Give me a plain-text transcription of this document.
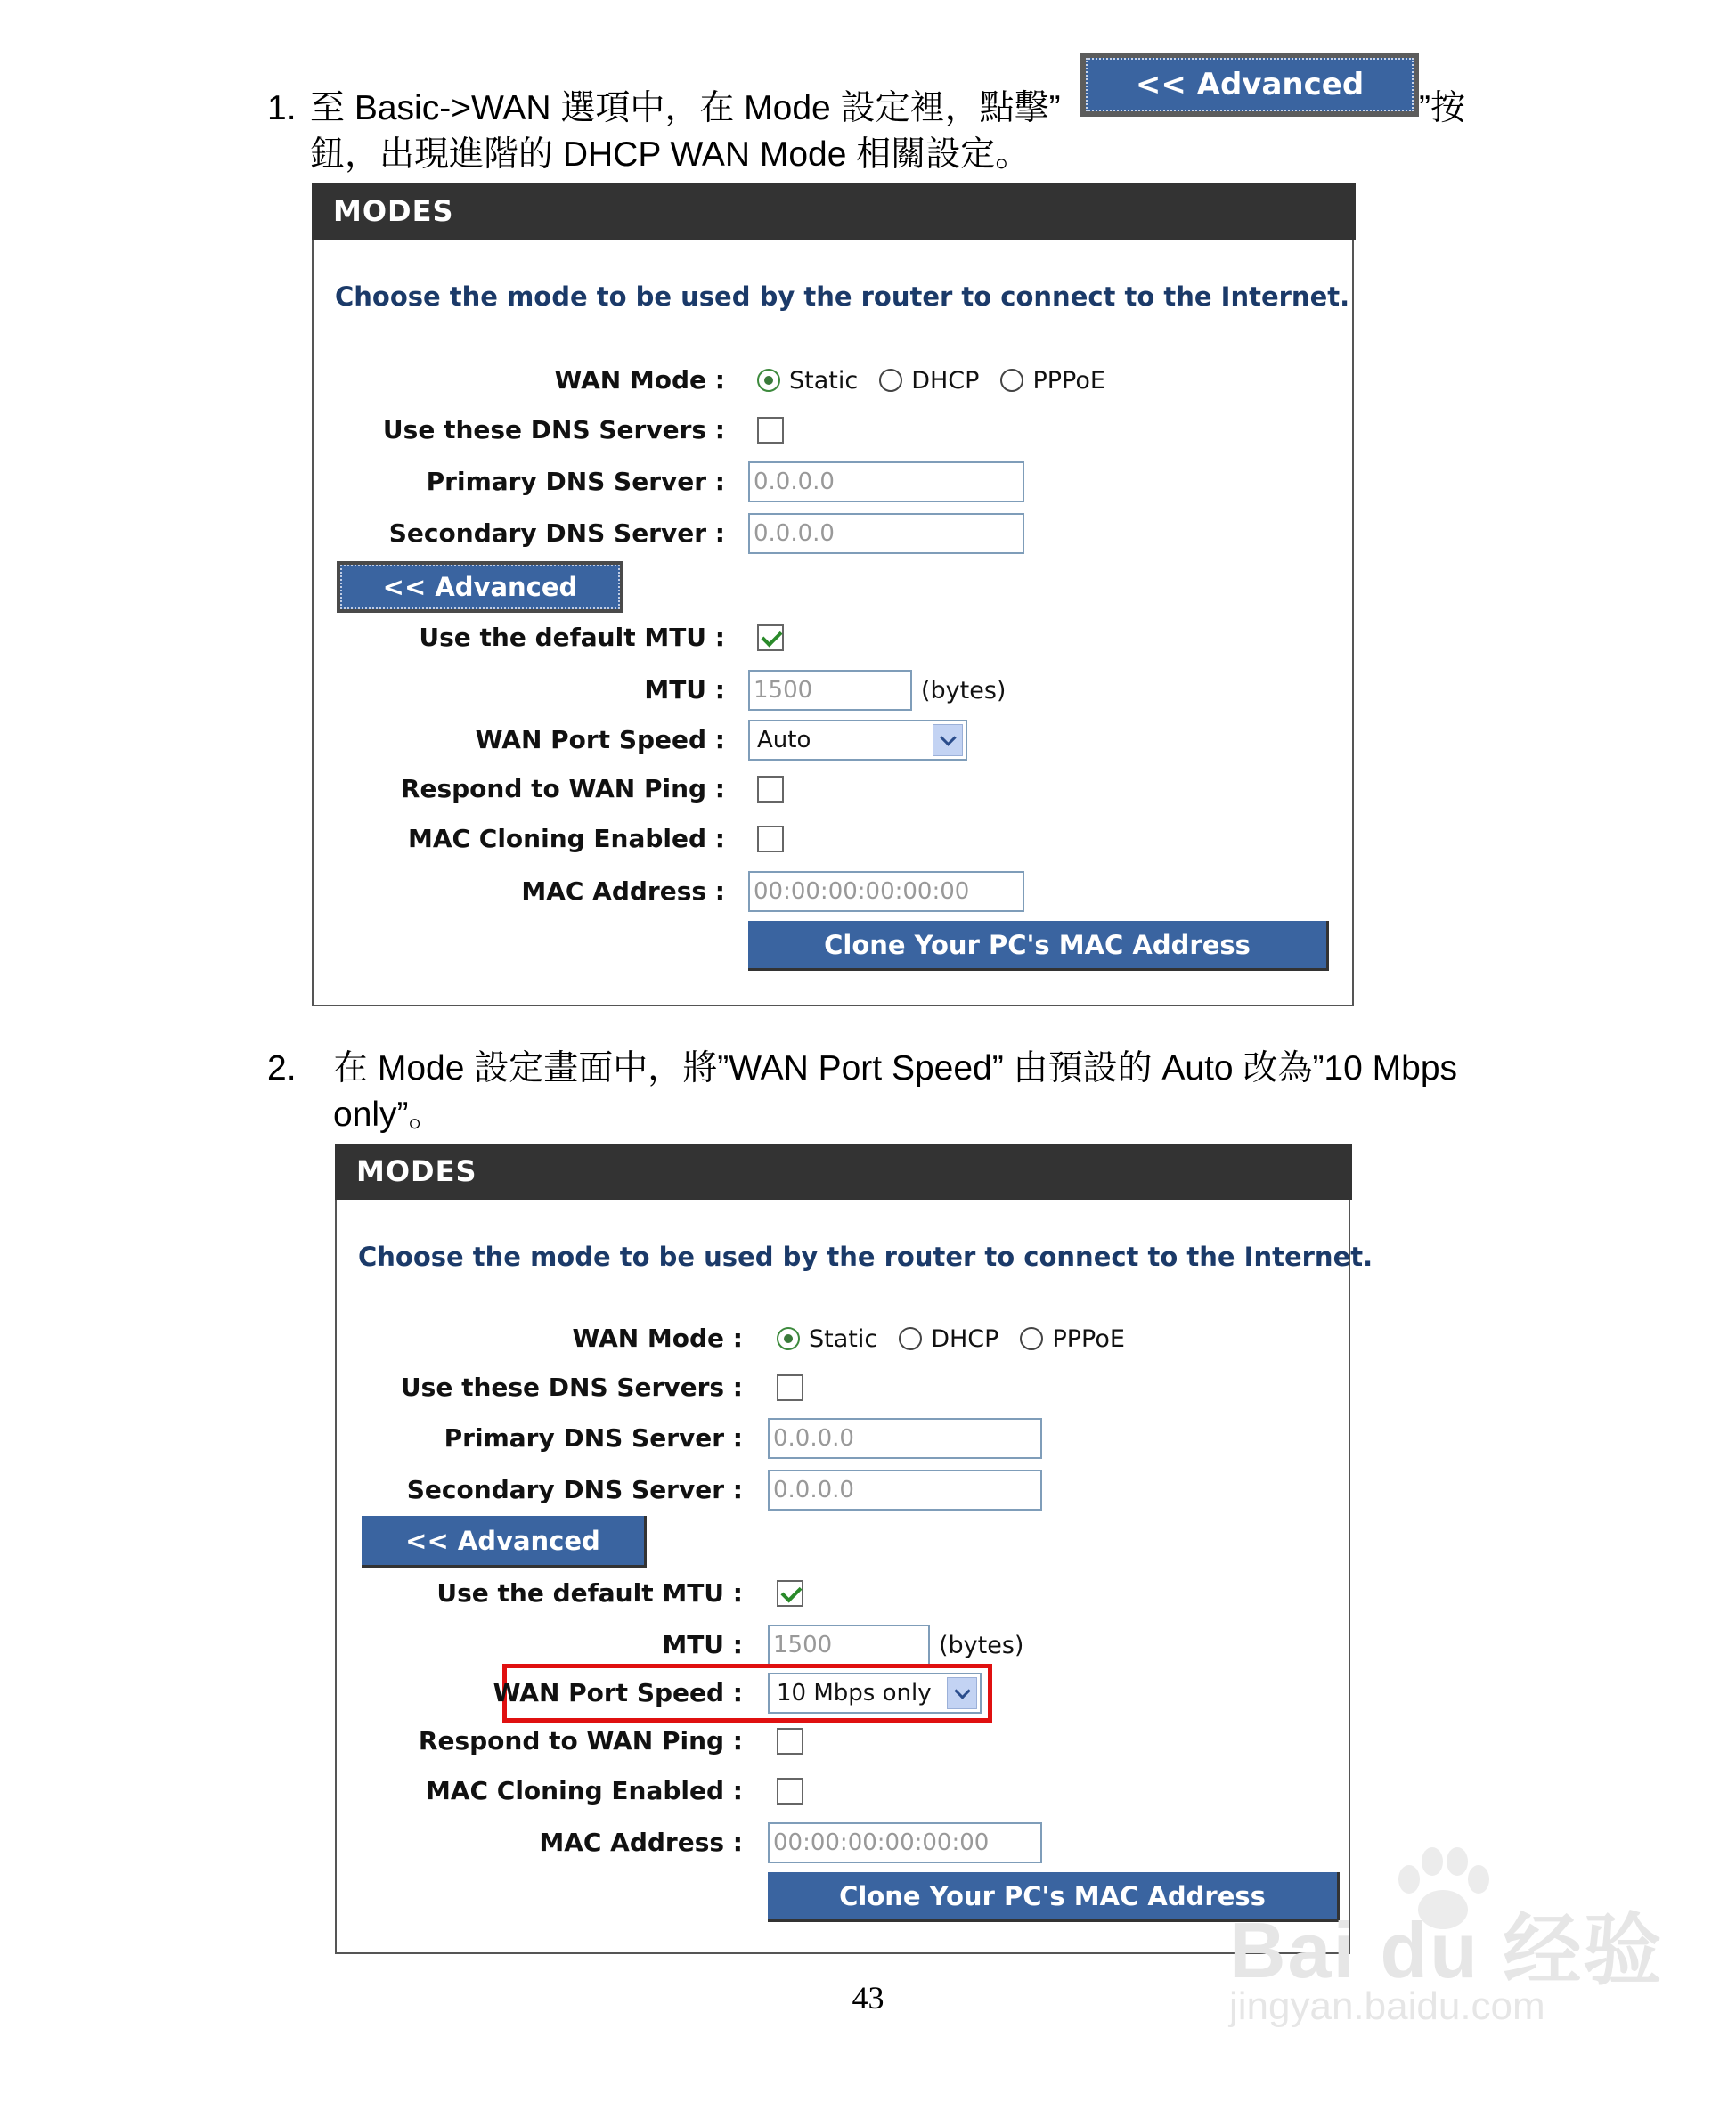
1. 至 Basic->WAN 選項中，在 Mode 設定裡，點擊”	”按
鈕，出現進階的 DHCP WAN Mode 相關設定。
<< Advanced
MODES
Choose the mode to be used by the router to connect to the Internet.
WAN Mode :	Static DHCP PPPoE
Use these DNS Servers :
Primary DNS Server : 0.0.0.0
Secondary DNS Server : 0.0.0.0
<< Advanced
Use the default MTU :
MTU : 1500	(bytes)
WAN Port Speed :	Auto
Respond to WAN Ping :
MAC Cloning Enabled :
MAC Address : 00:00:00:00:00:00
Clone Your PC's MAC Address
2. 在 Mode 設定畫面中，將”WAN Port Speed” 由預設的 Auto 改為”10 Mbps
only”。
MODES
Choose the mode to be used by the router to connect to the Internet.
WAN Mode :	Static DHCP PPPoE
Use these DNS Servers :
Primary DNS Server : 0.0.0.0
Secondary DNS Server : 0.0.0.0
<< Advanced
Use the default MTU :
MTU : 1500	(bytes)
WAN Port Speed :	10 Mbps only
Respond to WAN Ping :
MAC Cloning Enabled :
MAC Address : 00:00:00:00:00:00
Clone Your PC's MAC Address
43
Bai du 经验
jingyan.baidu.com
